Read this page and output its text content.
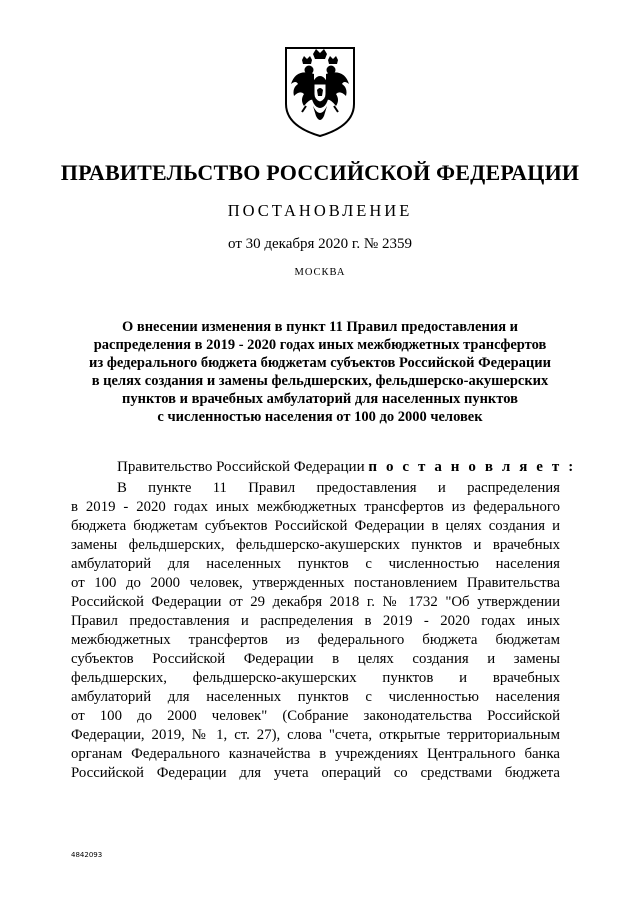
ПРАВИТЕЛЬСТВО РОССИЙСКОЙ ФЕДЕРАЦИИ
ПОСТАНОВЛЕНИЕ
от 30 декабря 2020 г. № 2359
МОСКВА
О внесении изменения в пункт 11 Правил предоставления и
распределения в 2019 - 2020 годах иных межбюджетных трансфертов
из федерального бюджета бюджетам субъектов Российской Федерации
в целях создания и замены фельдшерских, фельдшерско-акушерских
пунктов и врачебных амбулаторий для населенных пунктов
с численностью населения от 100 до 2000 человек
Правительство Российской Федерации п о с т а н о в л я е т :
В пункте 11 Правил предоставления и распределения
в 2019 - 2020 годах иных межбюджетных трансфертов из федерального
бюджета бюджетам субъектов Российской Федерации в целях создания и
замены фельдшерских, фельдшерско-акушерских пунктов и врачебных
амбулаторий для населенных пунктов с численностью населения
от 100 до 2000 человек, утвержденных постановлением Правительства
Российской Федерации от 29 декабря 2018 г. № 1732 "Об утверждении
Правил предоставления и распределения в 2019 - 2020 годах иных
межбюджетных трансфертов из федерального бюджета бюджетам
субъектов Российской Федерации в целях создания и замены
фельдшерских, фельдшерско-акушерских пунктов и врачебных
амбулаторий для населенных пунктов с численностью населения
от 100 до 2000 человек" (Собрание законодательства Российской
Федерации, 2019, № 1, ст. 27), слова "счета, открытые территориальным
органам Федерального казначейства в учреждениях Центрального банка
Российской Федерации для учета операций со средствами бюджета
4842093
